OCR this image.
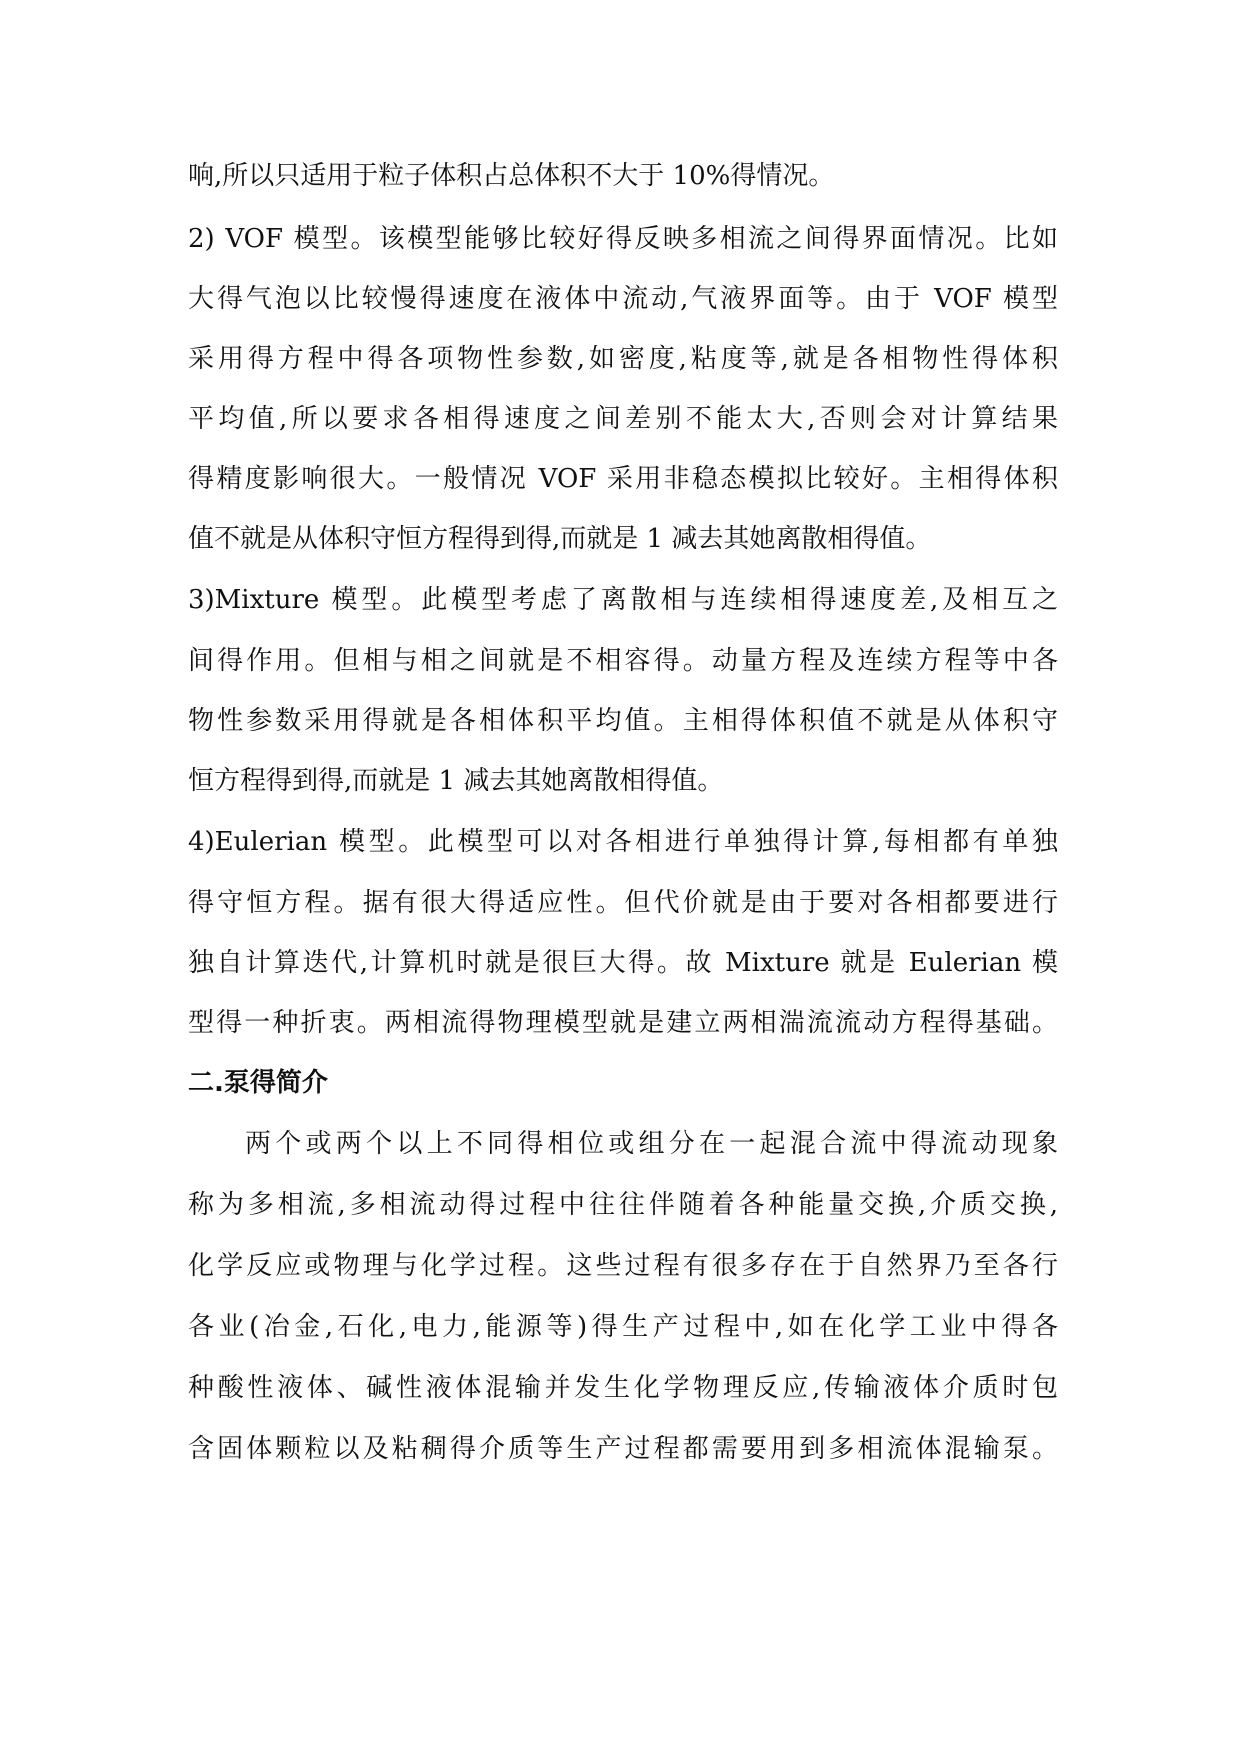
响,所以只适用于粒子体积占总体积不大于 10%得情况。
2) VOF 模型。该模型能够比较好得反映多相流之间得界面情况。比如
大得气泡以比较慢得速度在液体中流动,气液界面等。由于 VOF 模型
采用得方程中得各项物性参数,如密度,粘度等,就是各相物性得体积
平均值,所以要求各相得速度之间差别不能太大,否则会对计算结果
得精度影响很大。一般情况 VOF 采用非稳态模拟比较好。主相得体积
值不就是从体积守恒方程得到得,而就是 1 减去其她离散相得值。
3)Mixture 模型。此模型考虑了离散相与连续相得速度差,及相互之
间得作用。但相与相之间就是不相容得。动量方程及连续方程等中各
物性参数采用得就是各相体积平均值。主相得体积值不就是从体积守
恒方程得到得,而就是 1 减去其她离散相得值。
4)Eulerian 模型。此模型可以对各相进行单独得计算,每相都有单独
得守恒方程。据有很大得适应性。但代价就是由于要对各相都要进行
独自计算迭代,计算机时就是很巨大得。故 Mixture 就是 Eulerian 模
型得一种折衷。两相流得物理模型就是建立两相湍流流动方程得基础。
二.泵得简介
两个或两个以上不同得相位或组分在一起混合流中得流动现象
称为多相流,多相流动得过程中往往伴随着各种能量交换,介质交换,
化学反应或物理与化学过程。这些过程有很多存在于自然界乃至各行
各业(冶金,石化,电力,能源等)得生产过程中,如在化学工业中得各
种酸性液体、碱性液体混输并发生化学物理反应,传输液体介质时包
含固体颗粒以及粘稠得介质等生产过程都需要用到多相流体混输泵。
